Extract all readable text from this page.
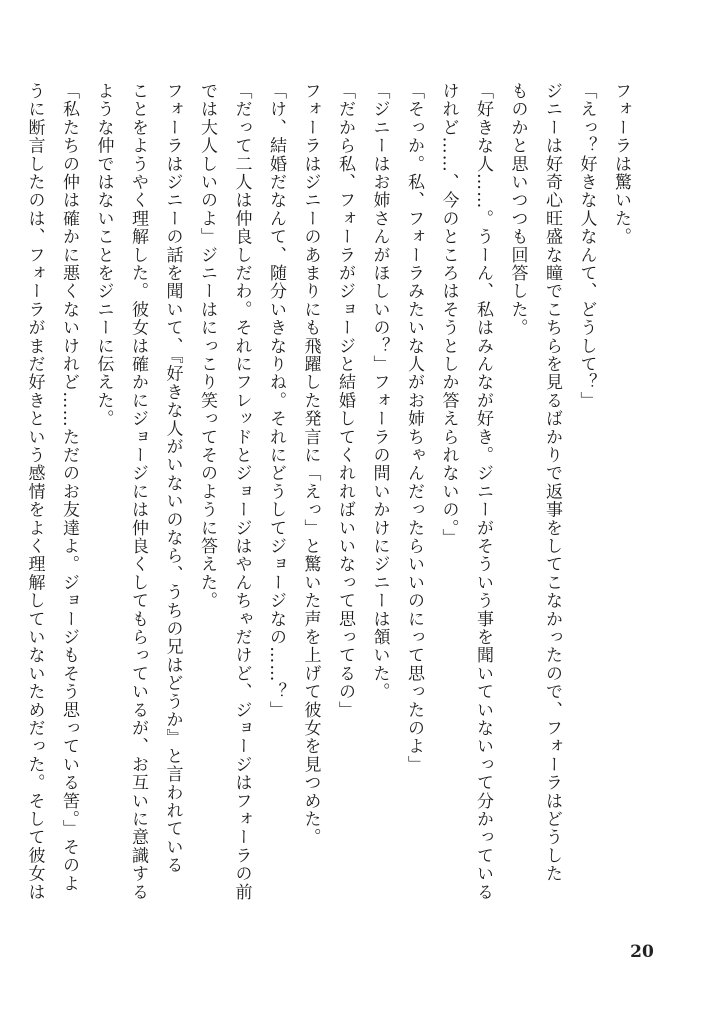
フォーラは驚いた。
「えっ？好きな人なんて、どうして？」
ジニーは好奇心旺盛な瞳でこちらを見るばかりで返事をしてこなかったので、フォーラはどうした
ものかと思いつつも回答した。
「好きな人……。うーん、私はみんなが好き。ジニーがそういう事を聞いていないって分かっている
けれど……、今のところはそうとしか答えられないの。」
「そっか。私、フォーラみたいな人がお姉ちゃんだったらいいのにって思ったのよ」
「ジニーはお姉さんがほしいの？」フォーラの問いかけにジニーは頷いた。
「だから私、フォーラがジョージと結婚してくれればいいなって思ってるの」
フォーラはジニーのあまりにも飛躍した発言に「えっ」と驚いた声を上げて彼女を見つめた。
「け、結婚だなんて、随分いきなりね。それにどうしてジョージなの……？」
「だって二人は仲良しだわ。それにフレッドとジョージはやんちゃだけど、ジョージはフォーラの前
では大人しいのよ」ジニーはにっこり笑ってそのように答えた。
フォーラはジニーの話を聞いて、『好きな人がいないのなら、うちの兄はどうか』と言われている
ことをようやく理解した。彼女は確かにジョージには仲良くしてもらっているが、お互いに意識する
ような仲ではないことをジニーに伝えた。
「私たちの仲は確かに悪くないけれど……ただのお友達よ。ジョージもそう思っている筈。」そのよ
うに断言したのは、フォーラがまだ好きという感情をよく理解していないためだった。そして彼女は
20
